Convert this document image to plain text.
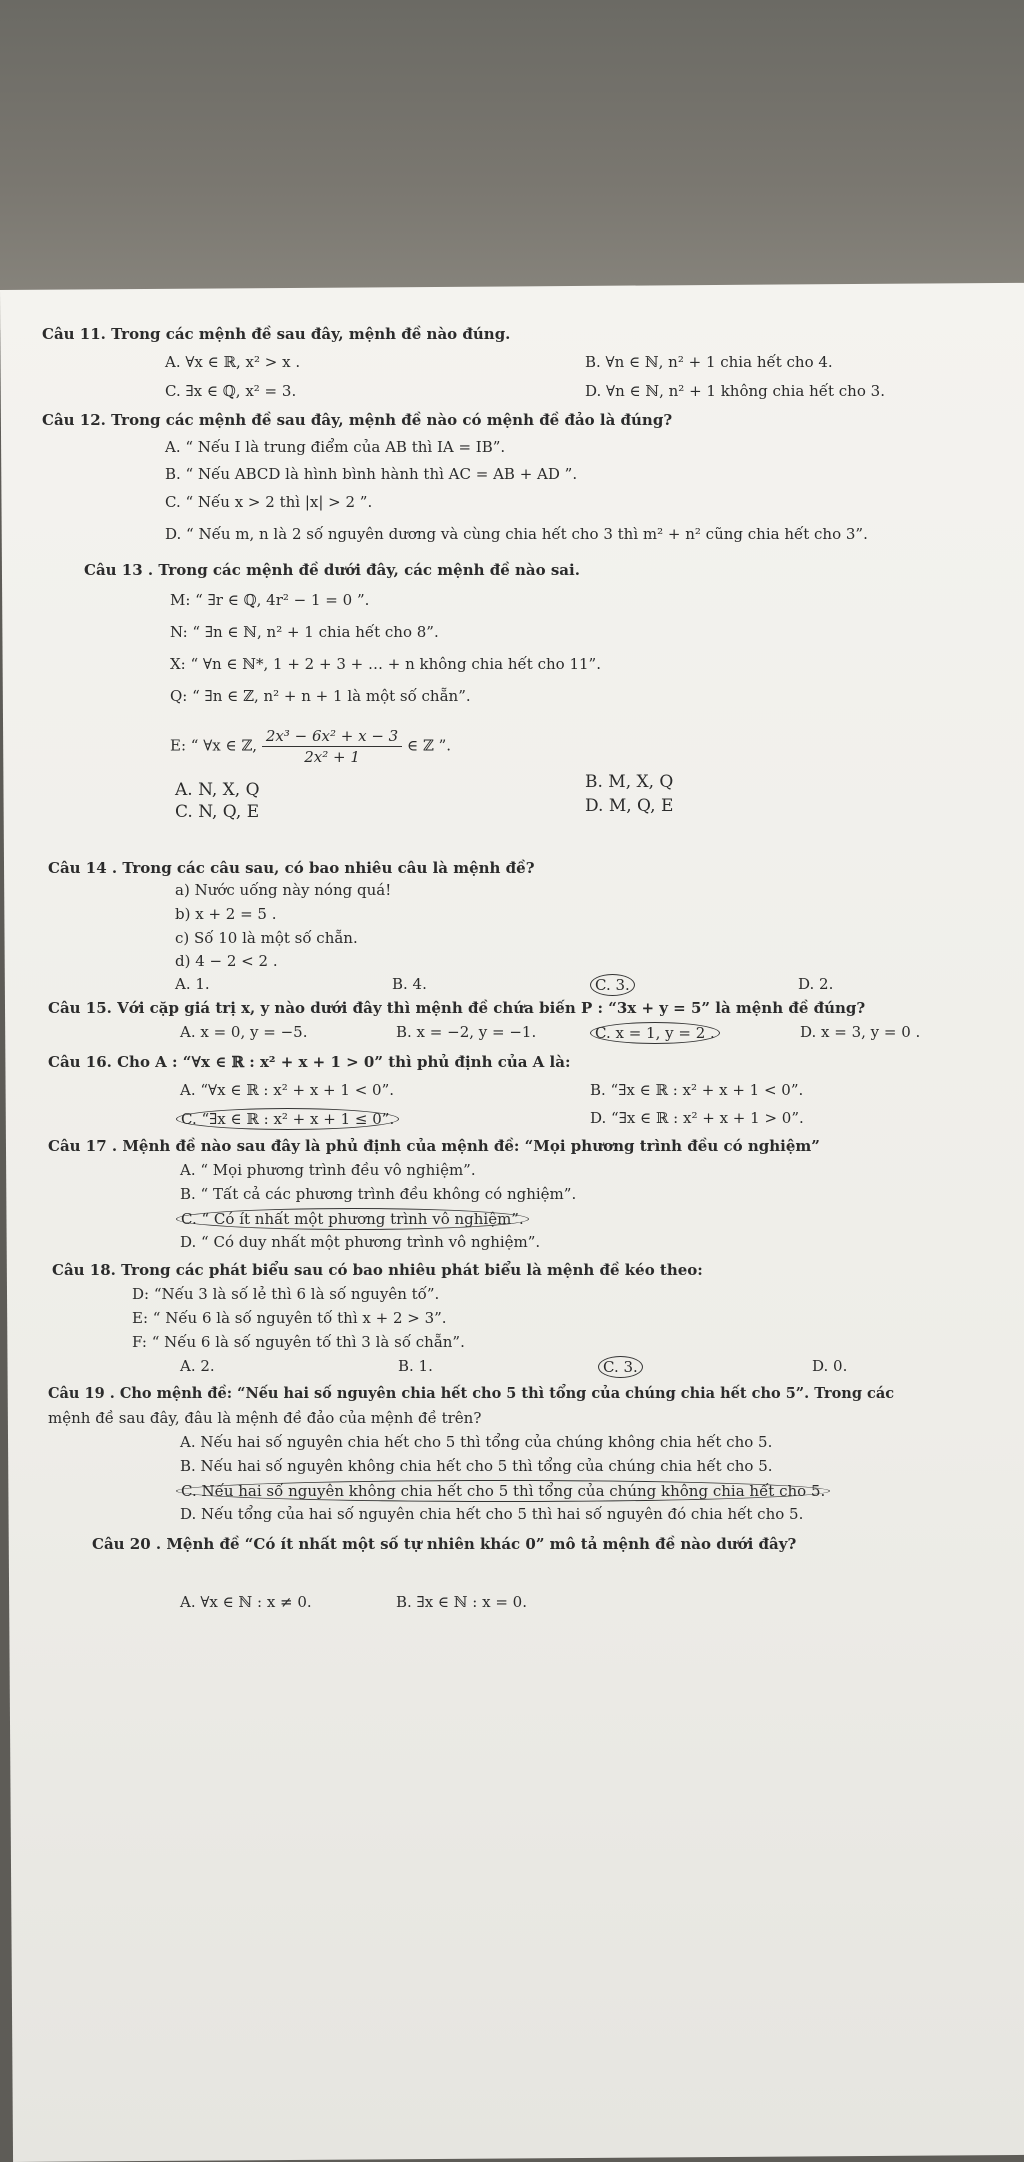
Câu 11. Trong các mệnh đề sau đây, mệnh đề nào đúng.
A. ∀x ∈ ℝ, x² > x .	B. ∀n ∈ ℕ, n² + 1 chia hết cho 4.
C. ∃x ∈ ℚ, x² = 3.	D. ∀n ∈ ℕ, n² + 1 không chia hết cho 3.
Câu 12. Trong các mệnh đề sau đây, mệnh đề nào có mệnh đề đảo là đúng?
A. “ Nếu I là trung điểm của AB thì IA = IB”.
B. “ Nếu ABCD là hình bình hành thì AC = AB + AD ”.
C. “ Nếu x > 2 thì |x| > 2 ”.
D. “ Nếu m, n là 2 số nguyên dương và cùng chia hết cho 3 thì m² + n² cũng chia hết cho 3”.
Câu 13 . Trong các mệnh đề dưới đây, các mệnh đề nào sai.
M: “ ∃r ∈ ℚ, 4r² − 1 = 0 ”.
N: “ ∃n ∈ ℕ, n² + 1 chia hết cho 8”.
X: “ ∀n ∈ ℕ*, 1 + 2 + 3 + … + n không chia hết cho 11”.
Q: “ ∃n ∈ ℤ, n² + n + 1 là một số chẵn”.
E: “ ∀x ∈ ℤ, $\frac{\text{2x³ − 6x² + x − 3}}{\text{2x² + 1}}$ ∈ ℤ ”.
A. N, X, Q	B. M, X, Q
C. N, Q, E	D. M, Q, E
Câu 14 . Trong các câu sau, có bao nhiêu câu là mệnh đề?
a) Nước uống này nóng quá!
b) x + 2 = 5 .
c) Số 10 là một số chẵn.
d) 4 − 2 < 2 .
A. 1.	B. 4.	C. 3.	D. 2.
Câu 15. Với cặp giá trị x, y nào dưới đây thì mệnh đề chứa biến P : “3x + y = 5” là mệnh đề đúng?
A. x = 0, y = −5.	B. x = −2, y = −1.	C. x = 1, y = 2 .	D. x = 3, y = 0 .
Câu 16. Cho A : “∀x ∈ ℝ : x² + x + 1 > 0” thì phủ định của A là:
A. “∀x ∈ ℝ : x² + x + 1 < 0”.	B. “∃x ∈ ℝ : x² + x + 1 < 0”.
C. “∃x ∈ ℝ : x² + x + 1 ≤ 0”.	D. “∃x ∈ ℝ : x² + x + 1 > 0”.
Câu 17 . Mệnh đề nào sau đây là phủ định của mệnh đề: “Mọi phương trình đều có nghiệm”
A. “ Mọi phương trình đều vô nghiệm”.
B. “ Tất cả các phương trình đều không có nghiệm”.
C. “ Có ít nhất một phương trình vô nghiệm”.
D. “ Có duy nhất một phương trình vô nghiệm”.
Câu 18. Trong các phát biểu sau có bao nhiêu phát biểu là mệnh đề kéo theo:
D: “Nếu 3 là số lẻ thì 6 là số nguyên tố”.
E: “ Nếu 6 là số nguyên tố thì x + 2 > 3”.
F: “ Nếu 6 là số nguyên tố thì 3 là số chẵn”.
A. 2.	B. 1.	C. 3.	D. 0.
Câu 19 . Cho mệnh đề: “Nếu hai số nguyên chia hết cho 5 thì tổng của chúng chia hết cho 5”. Trong các
mệnh đề sau đây, đâu là mệnh đề đảo của mệnh đề trên?
A. Nếu hai số nguyên chia hết cho 5 thì tổng của chúng không chia hết cho 5.
B. Nếu hai số nguyên không chia hết cho 5 thì tổng của chúng chia hết cho 5.
C. Nếu hai số nguyên không chia hết cho 5 thì tổng của chúng không chia hết cho 5.
D. Nếu tổng của hai số nguyên chia hết cho 5 thì hai số nguyên đó chia hết cho 5.
Câu 20 . Mệnh đề “Có ít nhất một số tự nhiên khác 0” mô tả mệnh đề nào dưới đây?
A. ∀x ∈ ℕ : x ≠ 0.	B. ∃x ∈ ℕ : x = 0.
